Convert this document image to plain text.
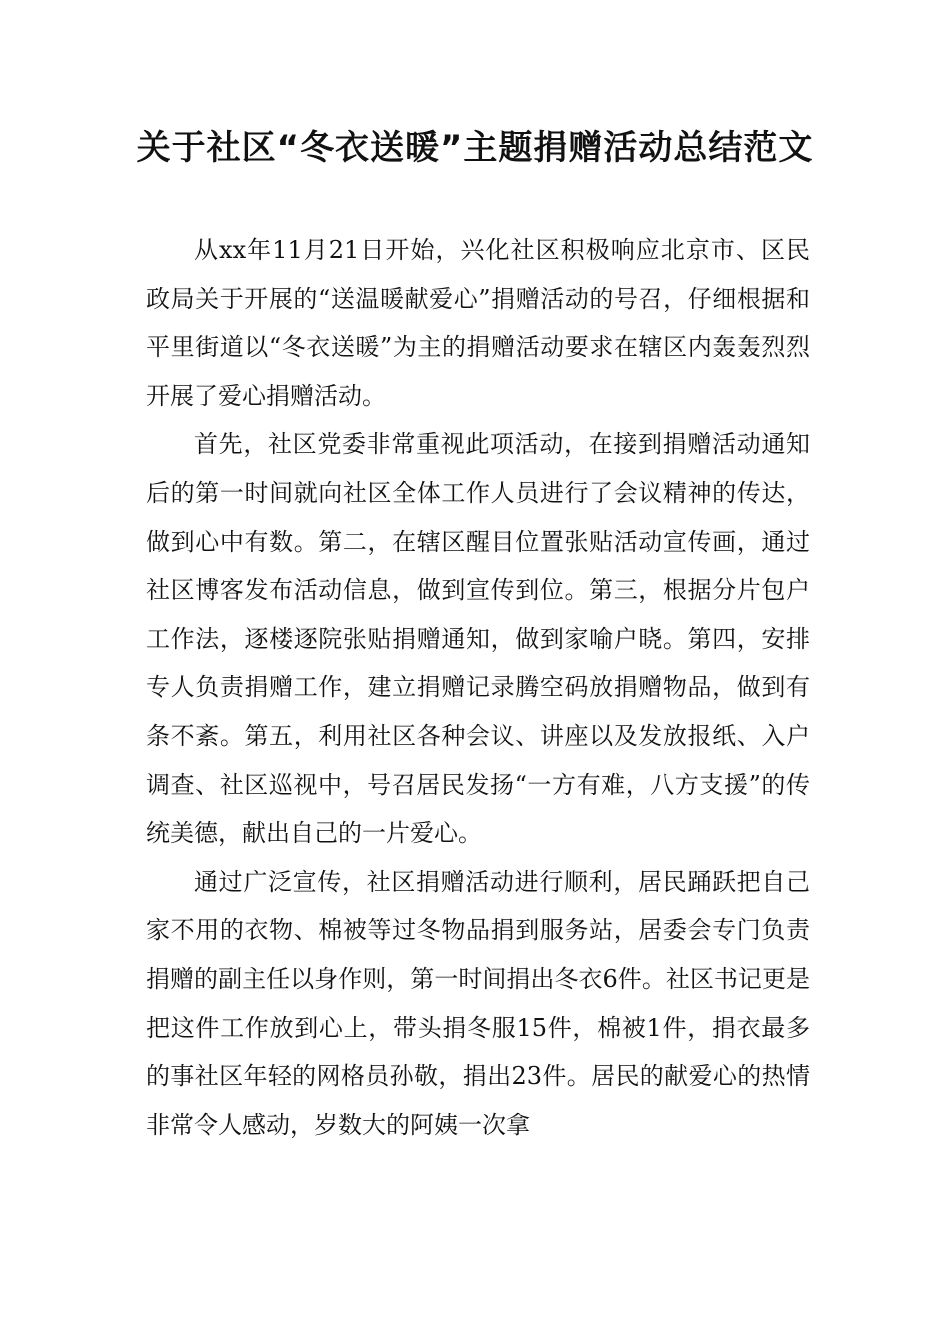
关于社区“冬衣送暖”主题捐赠活动总结范文

从xx年11月21日开始，兴化社区积极响应北京市、区民政局关于开展的“送温暖献爱心”捐赠活动的号召，仔细根据和平里街道以“冬衣送暖”为主的捐赠活动要求在辖区内轰轰烈烈开展了爱心捐赠活动。

首先，社区党委非常重视此项活动，在接到捐赠活动通知后的第一时间就向社区全体工作人员进行了会议精神的传达，做到心中有数。第二，在辖区醒目位置张贴活动宣传画，通过社区博客发布活动信息，做到宣传到位。第三，根据分片包户工作法，逐楼逐院张贴捐赠通知，做到家喻户晓。第四，安排专人负责捐赠工作，建立捐赠记录腾空码放捐赠物品，做到有条不紊。第五，利用社区各种会议、讲座以及发放报纸、入户调查、社区巡视中，号召居民发扬“一方有难，八方支援”的传统美德，献出自己的一片爱心。

通过广泛宣传，社区捐赠活动进行顺利，居民踊跃把自己家不用的衣物、棉被等过冬物品捐到服务站，居委会专门负责捐赠的副主任以身作则，第一时间捐出冬衣6件。社区书记更是把这件工作放到心上，带头捐冬服15件，棉被1件，捐衣最多的事社区年轻的网格员孙敬，捐出23件。居民的献爱心的热情非常令人感动，岁数大的阿姨一次拿
